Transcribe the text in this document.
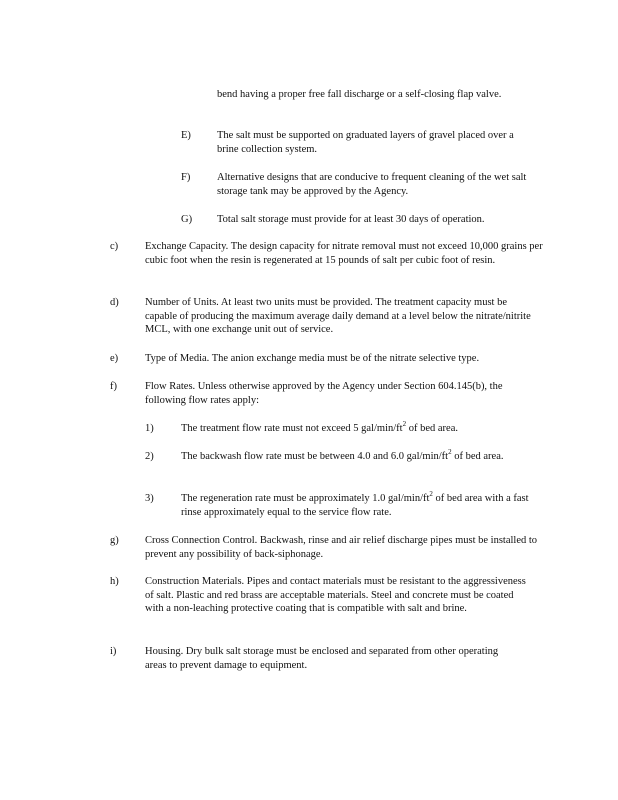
bend having a proper free fall discharge or a self-closing flap valve.
E) The salt must be supported on graduated layers of gravel placed over a brine collection system.
F)	Alternative designs that are conducive to frequent cleaning of the wet salt storage tank may be approved by the Agency.
G) Total salt storage must provide for at least 30 days of operation.
c)	Exchange Capacity. The design capacity for nitrate removal must not exceed 10,000 grains per cubic foot when the resin is regenerated at 15 pounds of salt per cubic foot of resin.
d)	Number of Units. At least two units must be provided. The treatment capacity must be capable of producing the maximum average daily demand at a level below the nitrate/nitrite MCL, with one exchange unit out of service.
e)	Type of Media. The anion exchange media must be of the nitrate selective type.
f)	Flow Rates. Unless otherwise approved by the Agency under Section 604.145(b), the following flow rates apply:
1)	The treatment flow rate must not exceed 5 gal/$\min/ft^2$ of bed area.
2)	The backwash flow rate must be between 4.0 and 6.0 gal/$\min/ft^2$ of bed area.
3)	The regeneration rate must be approximately 1.0 gal/$\min/ft^2$ of bed area with a fast rinse approximately equal to the service flow rate.
g)	Cross Connection Control. Backwash, rinse and air relief discharge pipes must be installed to prevent any possibility of back-siphonage.
h)	Construction Materials. Pipes and contact materials must be resistant to the aggressiveness of salt. Plastic and red brass are acceptable materials. Steel and concrete must be coated with a non-leaching protective coating that is compatible with salt and brine.
i)	Housing. Dry bulk salt storage must be enclosed and separated from other operating areas to prevent damage to equipment.
